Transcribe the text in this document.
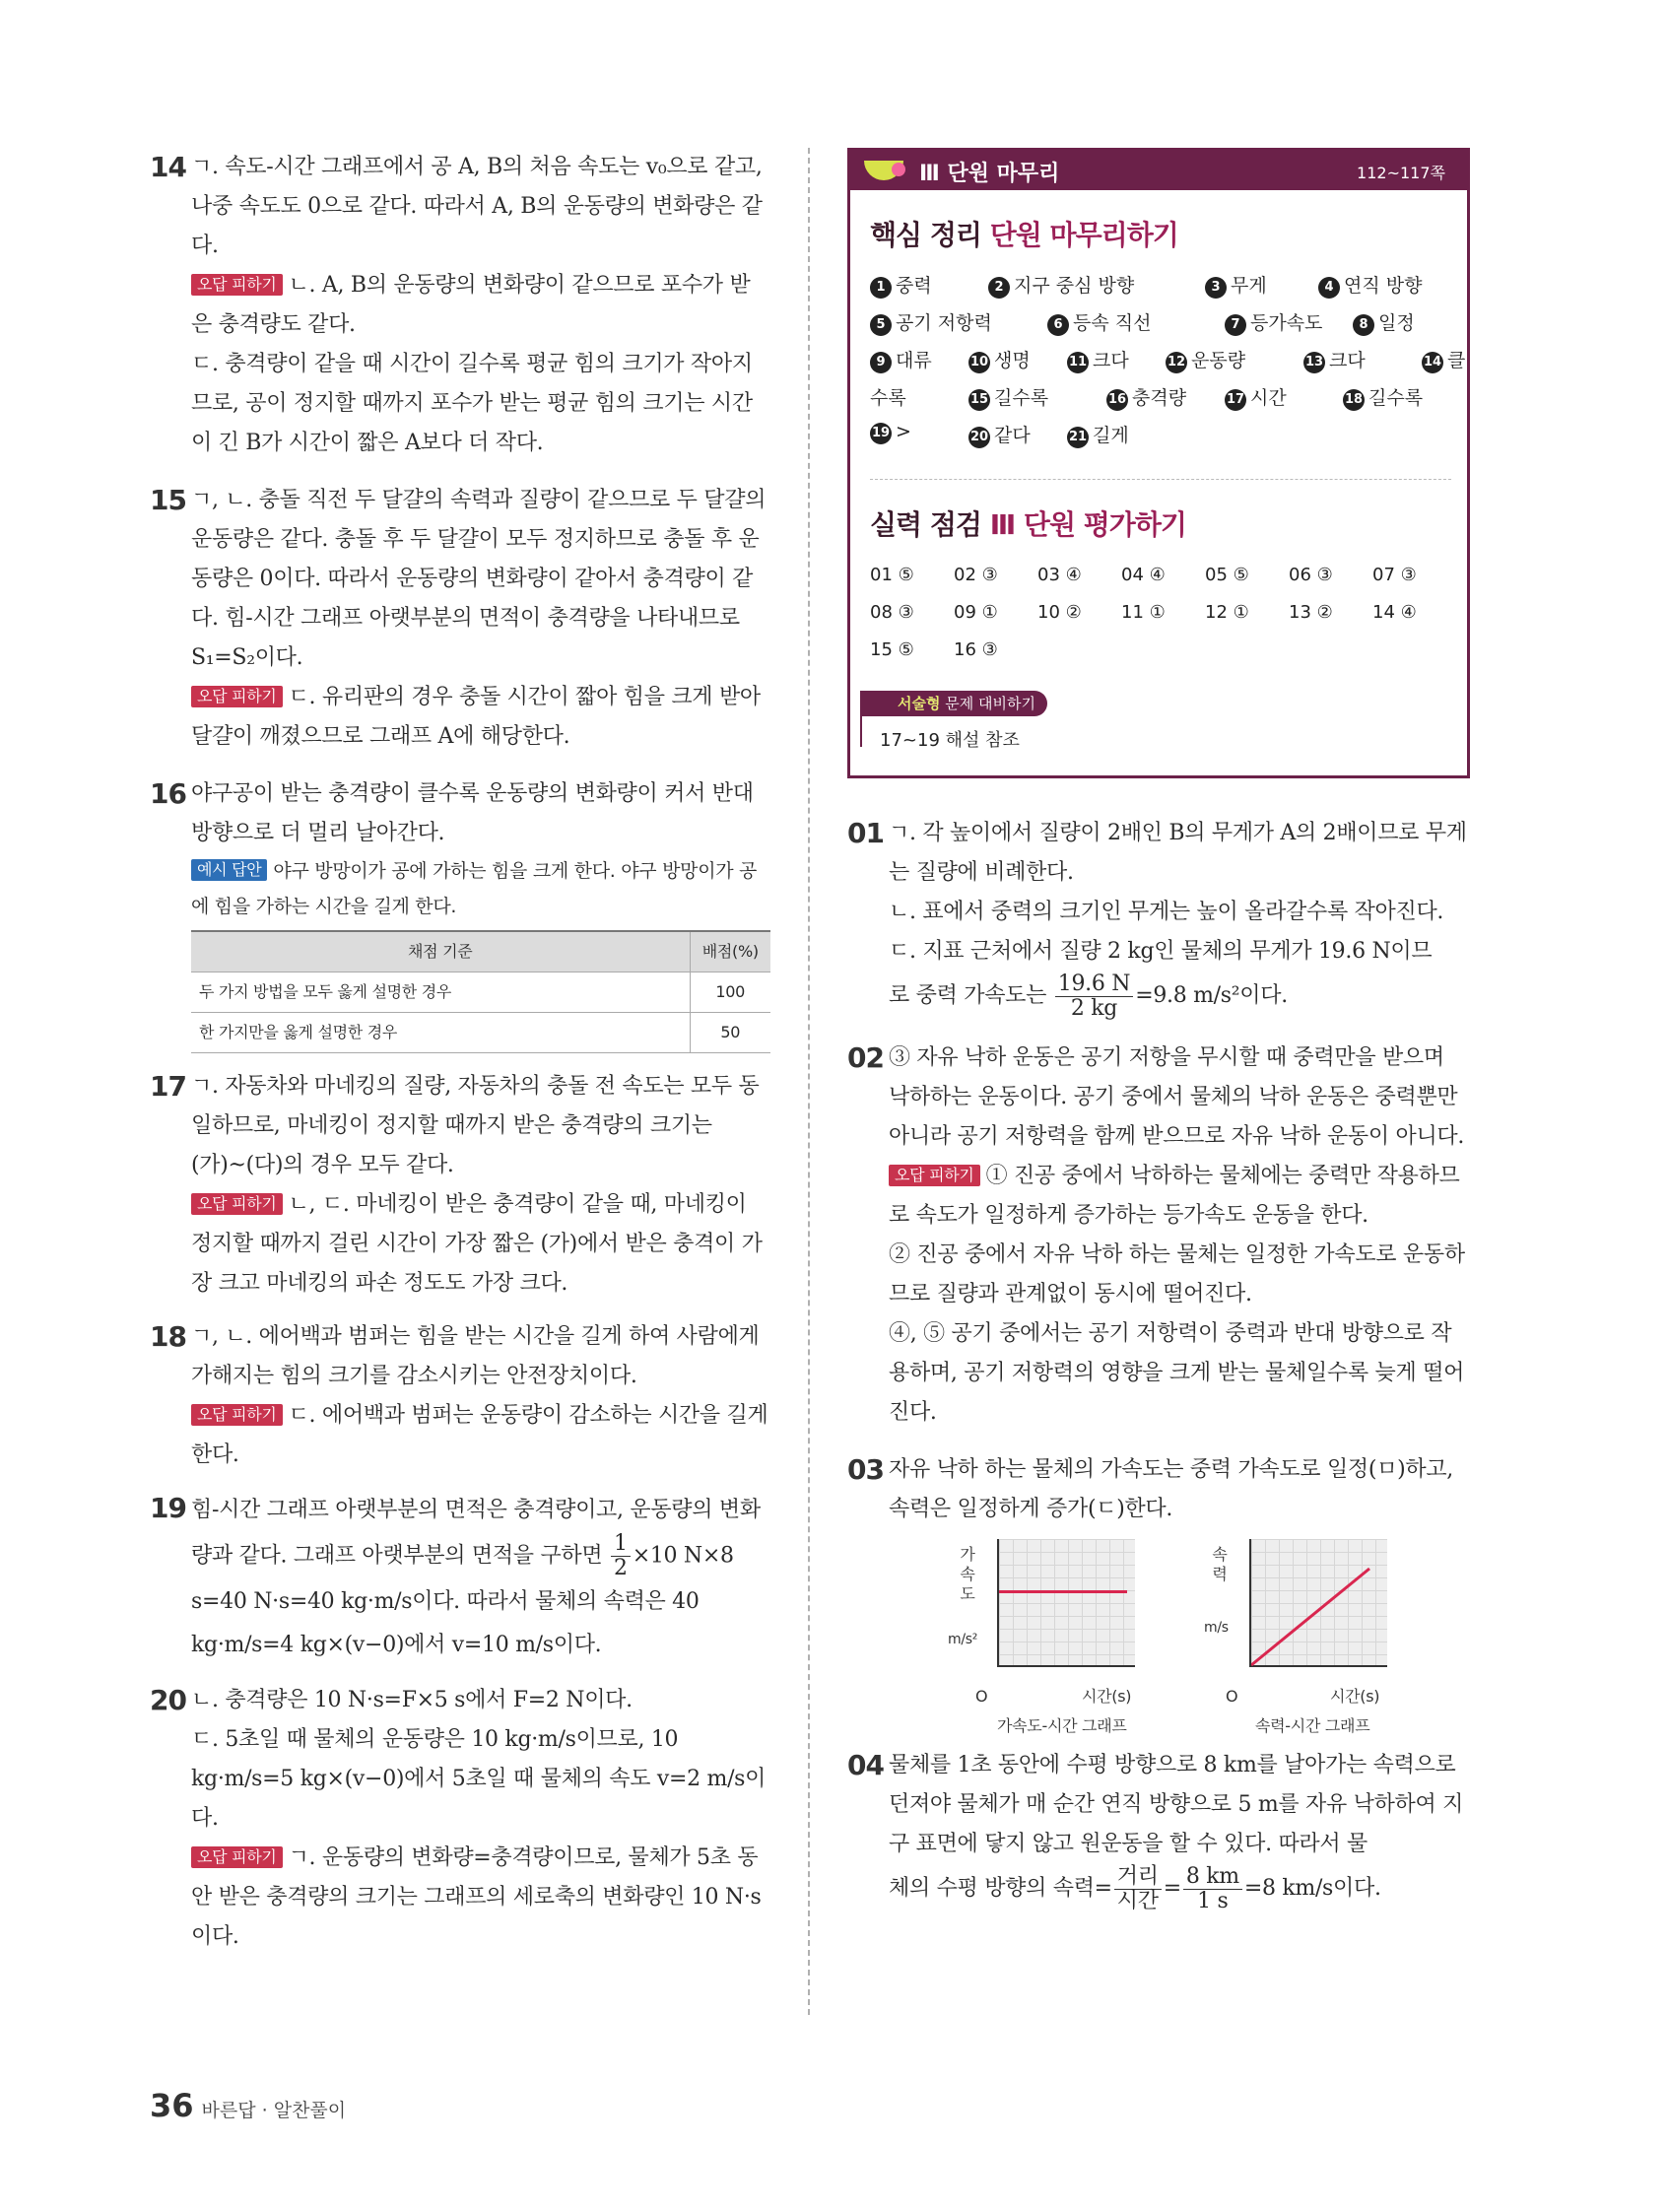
14 ㄱ. 속도-시간 그래프에서 공 A, B의 처음 속도는 v₀으로 같고, 나중 속도도 0으로 같다. 따라서 A, B의 운동량의 변화량은 같다.

오답 피하기 ㄴ. A, B의 운동량의 변화량이 같으므로 포수가 받은 충격량도 같다.

ㄷ. 충격량이 같을 때 시간이 길수록 평균 힘의 크기가 작아지므로, 공이 정지할 때까지 포수가 받는 평균 힘의 크기는 시간이 긴 B가 시간이 짧은 A보다 더 작다.

15 ㄱ, ㄴ. 충돌 직전 두 달걀의 속력과 질량이 같으므로 두 달걀의 운동량은 같다. 충돌 후 두 달걀이 모두 정지하므로 충돌 후 운동량은 0이다. 따라서 운동량의 변화량이 같아서 충격량이 같다. 힘-시간 그래프 아랫부분의 면적이 충격량을 나타내므로 S₁=S₂이다.

오답 피하기 ㄷ. 유리판의 경우 충돌 시간이 짧아 힘을 크게 받아 달걀이 깨졌으므로 그래프 A에 해당한다.

16 야구공이 받는 충격량이 클수록 운동량의 변화량이 커서 반대 방향으로 더 멀리 날아간다.

예시 답안 야구 방망이가 공에 가하는 힘을 크게 한다. 야구 방망이가 공에 힘을 가하는 시간을 길게 한다.

채점 기준	배점(%)
두 가지 방법을 모두 옳게 설명한 경우	100
한 가지만을 옳게 설명한 경우	50
17 ㄱ. 자동차와 마네킹의 질량, 자동차의 충돌 전 속도는 모두 동일하므로, 마네킹이 정지할 때까지 받은 충격량의 크기는 (가)~(다)의 경우 모두 같다.

오답 피하기 ㄴ, ㄷ. 마네킹이 받은 충격량이 같을 때, 마네킹이 정지할 때까지 걸린 시간이 가장 짧은 (가)에서 받은 충격이 가장 크고 마네킹의 파손 정도도 가장 크다.

18 ㄱ, ㄴ. 에어백과 범퍼는 힘을 받는 시간을 길게 하여 사람에게 가해지는 힘의 크기를 감소시키는 안전장치이다.

오답 피하기 ㄷ. 에어백과 범퍼는 운동량이 감소하는 시간을 길게 한다.

19 힘-시간 그래프 아랫부분의 면적은 충격량이고, 운동량의 변화량과 같다. 그래프 아랫부분의 면적을 구하면 $\frac{1}{2} \times 10$ N×8 s=40 N·s=40 kg·m/s이다. 따라서 물체의 속력은 40 kg·m/s=4 kg×(v−0)에서 v=10 m/s이다.

20 ㄴ. 충격량은 10 N·s=F×5 s에서 F=2 N이다.

ㄷ. 5초일 때 물체의 운동량은 10 kg·m/s이므로, 10 kg·m/s=5 kg×(v−0)에서 5초일 때 물체의 속도 v=2 m/s이다.

오답 피하기 ㄱ. 운동량의 변화량=충격량이므로, 물체가 5초 동안 받은 충격량의 크기는 그래프의 세로축의 변화량인 10 N·s이다.

Ⅲ 단원 마무리	112~117쪽
핵심 정리 단원 마무리하기
1 중력	2 지구 중심 방향	3 무게	4 연직 방향
5 공기 저항력	6 등속 직선	7 등가속도	8 일정
9 대류	10 생명	11 크다	12 운동량	13 크다	14 클
수록	15 길수록	16 충격량	17 시간	18 길수록
19 >	20 같다	21 길게
실력 점검 Ⅲ 단원 평가하기
01 ⑤ 02 ③ 03 ④ 04 ④ 05 ⑤ 06 ③ 07 ③
08 ③ 09 ① 10 ② 11 ① 12 ① 13 ② 14 ④
15 ⑤ 16 ③
서술형 문제 대비하기
17~19 해설 참조
01 ㄱ. 각 높이에서 질량이 2배인 B의 무게가 A의 2배이므로 무게는 질량에 비례한다.

ㄴ. 표에서 중력의 크기인 무게는 높이 올라갈수록 작아진다.

ㄷ. 지표 근처에서 질량 2 kg인 물체의 무게가 19.6 N이므

로 중력 가속도는 $\frac{19.6 N}{2 kg} =9.8$ m/s²이다.

02 ③ 자유 낙하 운동은 공기 저항을 무시할 때 중력만을 받으며 낙하하는 운동이다. 공기 중에서 물체의 낙하 운동은 중력뿐만 아니라 공기 저항력을 함께 받으므로 자유 낙하 운동이 아니다.

오답 피하기 ① 진공 중에서 낙하하는 물체에는 중력만 작용하므로 속도가 일정하게 증가하는 등가속도 운동을 한다.

② 진공 중에서 자유 낙하 하는 물체는 일정한 가속도로 운동하므로 질량과 관계없이 동시에 떨어진다.

④, ⑤ 공기 중에서는 공기 저항력이 중력과 반대 방향으로 작용하며, 공기 저항력의 영향을 크게 받는 물체일수록 늦게 떨어진다.

03 자유 낙하 하는 물체의 가속도는 중력 가속도로 일정(ㅁ)하고, 속력은 일정하게 증가(ㄷ)한다.

가속도
m/s²
O	시간(s)
가속도-시간 그래프
속력
m/s
O	시간(s)
속력-시간 그래프
04 물체를 1초 동안에 수평 방향으로 8 km를 날아가는 속력으로 던져야 물체가 매 순간 연직 방향으로 5 m를 자유 낙하하여 지구 표면에 닿지 않고 원운동을 할 수 있다. 따라서 물

체의 수평 방향의 속력= $\frac{\text{거리}}{\text{시간}} = \frac{8 km}{1 s} =8$ km/s이다.

36 바른답 · 알찬풀이
